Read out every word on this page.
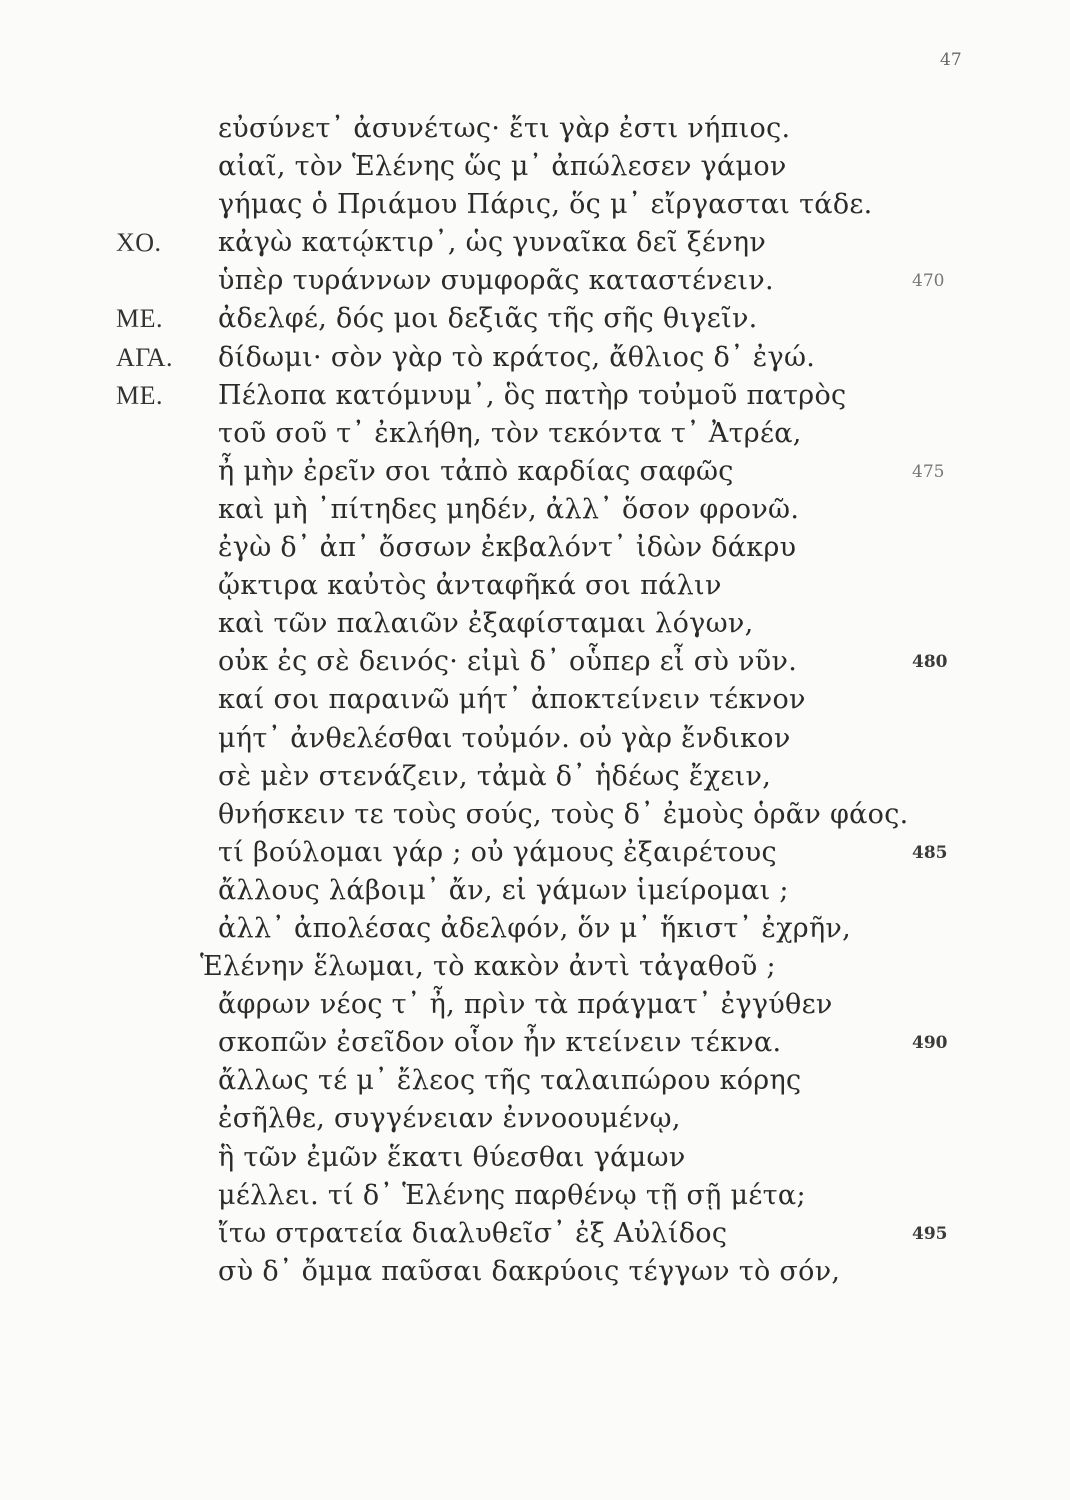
47
εὐσύνετ᾽ ἀσυνέτως· ἔτι γὰρ ἐστι νήπιος.
αἰαῖ, τὸν Ἑλένης ὥς μ᾽ ἀπώλεσεν γάμον
γήμας ὁ Πριάμου Πάρις, ὅς μ᾽ εἴργασται τάδε.
ΧΟ. κἀγὼ κατῴκτιρ᾽, ὡς γυναῖκα δεῖ ξένην
ὑπὲρ τυράννων συμφορᾶς καταστένειν.	470
ΜΕ. ἀδελφέ, δός μοι δεξιᾶς τῆς σῆς θιγεῖν.
ΑΓΑ. δίδωμι· σὸν γὰρ τὸ κράτος, ἄθλιος δ᾽ ἐγώ.
ΜΕ. Πέλοπα κατόμνυμ᾽, ὃς πατὴρ τοὐμοῦ πατρὸς
τοῦ σοῦ τ᾽ ἐκλήθη, τὸν τεκόντα τ᾽ Ἀτρέα,
ἦ μὴν ἐρεῖν σοι τἀπὸ καρδίας σαφῶς	475
καὶ μὴ ᾽πίτηδες μηδέν, ἀλλ᾽ ὅσον φρονῶ.
ἐγὼ δ᾽ ἀπ᾽ ὄσσων ἐκβαλόντ᾽ ἰδὼν δάκρυ
ᾤκτιρα καὐτὸς ἀνταφῆκά σοι πάλιν
καὶ τῶν παλαιῶν ἐξαφίσταμαι λόγων,
οὐκ ἐς σὲ δεινός· εἰμὶ δ᾽ οὗπερ εἶ σὺ νῦν.	480
καί σοι παραινῶ μήτ᾽ ἀποκτείνειν τέκνον
μήτ᾽ ἀνθελέσθαι τοὐμόν. οὐ γὰρ ἔνδικον
σὲ μὲν στενάζειν, τἀμὰ δ᾽ ἡδέως ἔχειν,
θνήσκειν τε τοὺς σούς, τοὺς δ᾽ ἐμοὺς ὁρᾶν φάος.
τί βούλομαι γάρ ; οὐ γάμους ἐξαιρέτους	485
ἄλλους λάβοιμ᾽ ἄν, εἰ γάμων ἱμείρομαι ;
ἀλλ᾽ ἀπολέσας ἀδελφόν, ὅν μ᾽ ἥκιστ᾽ ἐχρῆν,
Ἑλένην ἕλωμαι, τὸ κακὸν ἀντὶ τἀγαθοῦ ;
ἄφρων νέος τ᾽ ἦ, πρὶν τὰ πράγματ᾽ ἐγγύθεν
σκοπῶν ἐσεῖδον οἷον ἦν κτείνειν τέκνα.	490
ἄλλως τέ μ᾽ ἔλεος τῆς ταλαιπώρου κόρης
ἐσῆλθε, συγγένειαν ἐννοουμένῳ,
ἣ τῶν ἐμῶν ἕκατι θύεσθαι γάμων
μέλλει. τί δ᾽ Ἑλένης παρθένῳ τῇ σῇ μέτα;
ἴτω στρατεία διαλυθεῖσ᾽ ἐξ Αὐλίδος	495
σὺ δ᾽ ὄμμα παῦσαι δακρύοις τέγγων τὸ σόν,
